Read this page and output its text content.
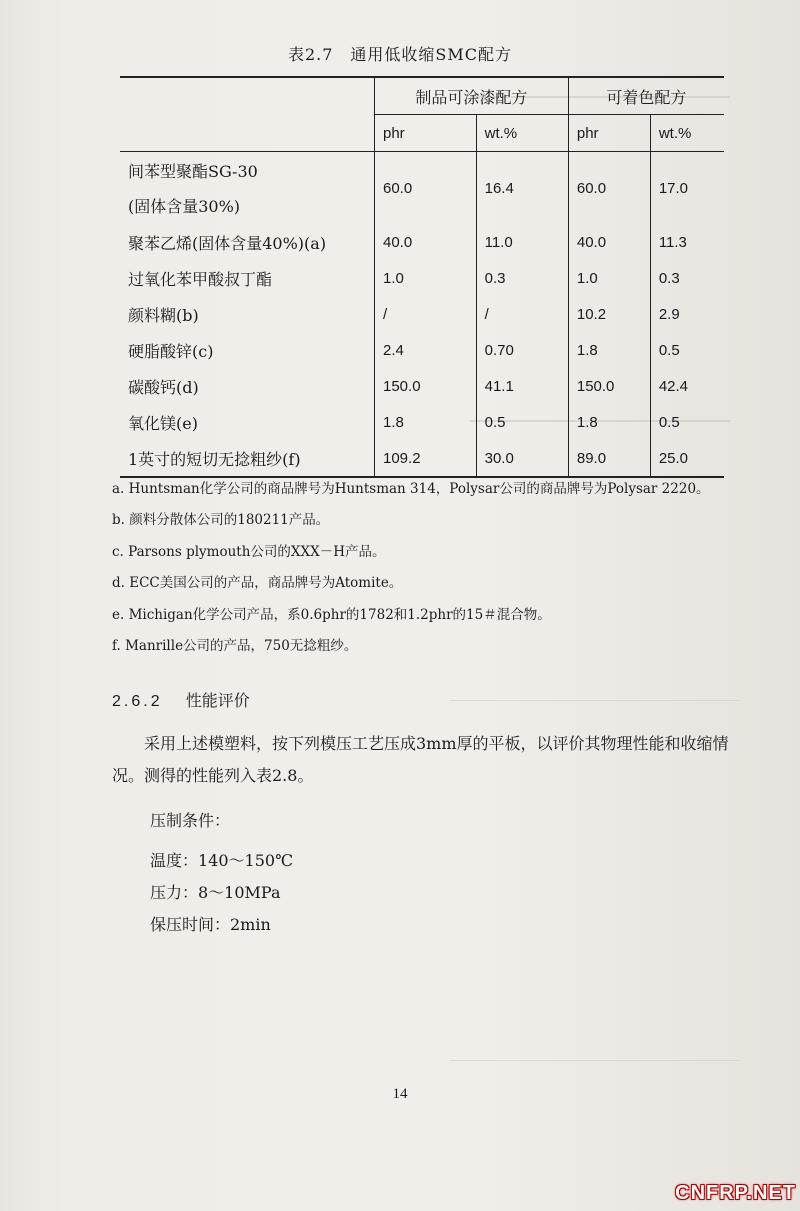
表2.7　通用低收缩SMC配方
	制品可涂漆配方		可着色配方	
	phr	wt.%	phr	wt.%

间苯型聚酯SG-30
(固体含量30%)	60.0	16.4	60.0	17.0
聚苯乙烯(固体含量40%)(a)	40.0	11.0	40.0	11.3
过氧化苯甲酸叔丁酯	1.0	0.3	1.0	0.3
颜料糊(b)	/	/	10.2	2.9
硬脂酸锌(c)	2.4	0.70	1.8	0.5
碳酸钙(d)	150.0	41.1	150.0	42.4
氧化镁(e)	1.8	0.5	1.8	0.5
1英寸的短切无捻粗纱(f)	109.2	30.0	89.0	25.0
a. Huntsman化学公司的商品牌号为Huntsman 314，Polysar公司的商品牌号为Polysar 2220。
b. 颜料分散体公司的180211产品。
c. Parsons plymouth公司的XXX－H产品。
d. ECC美国公司的产品，商品牌号为Atomite。
e. Michigan化学公司产品，系0.6phr的1782和1.2phr的15＃混合物。
f. Manrille公司的产品，750无捻粗纱。
2.6.2 性能评价
采用上述模塑料，按下列模压工艺压成3mm厚的平板，以评价其物理性能和收缩情况。测得的性能列入表2.8。
压制条件：
温度：140～150℃
压力：8～10MPa
保压时间：2min
14
CNFRP.NET
